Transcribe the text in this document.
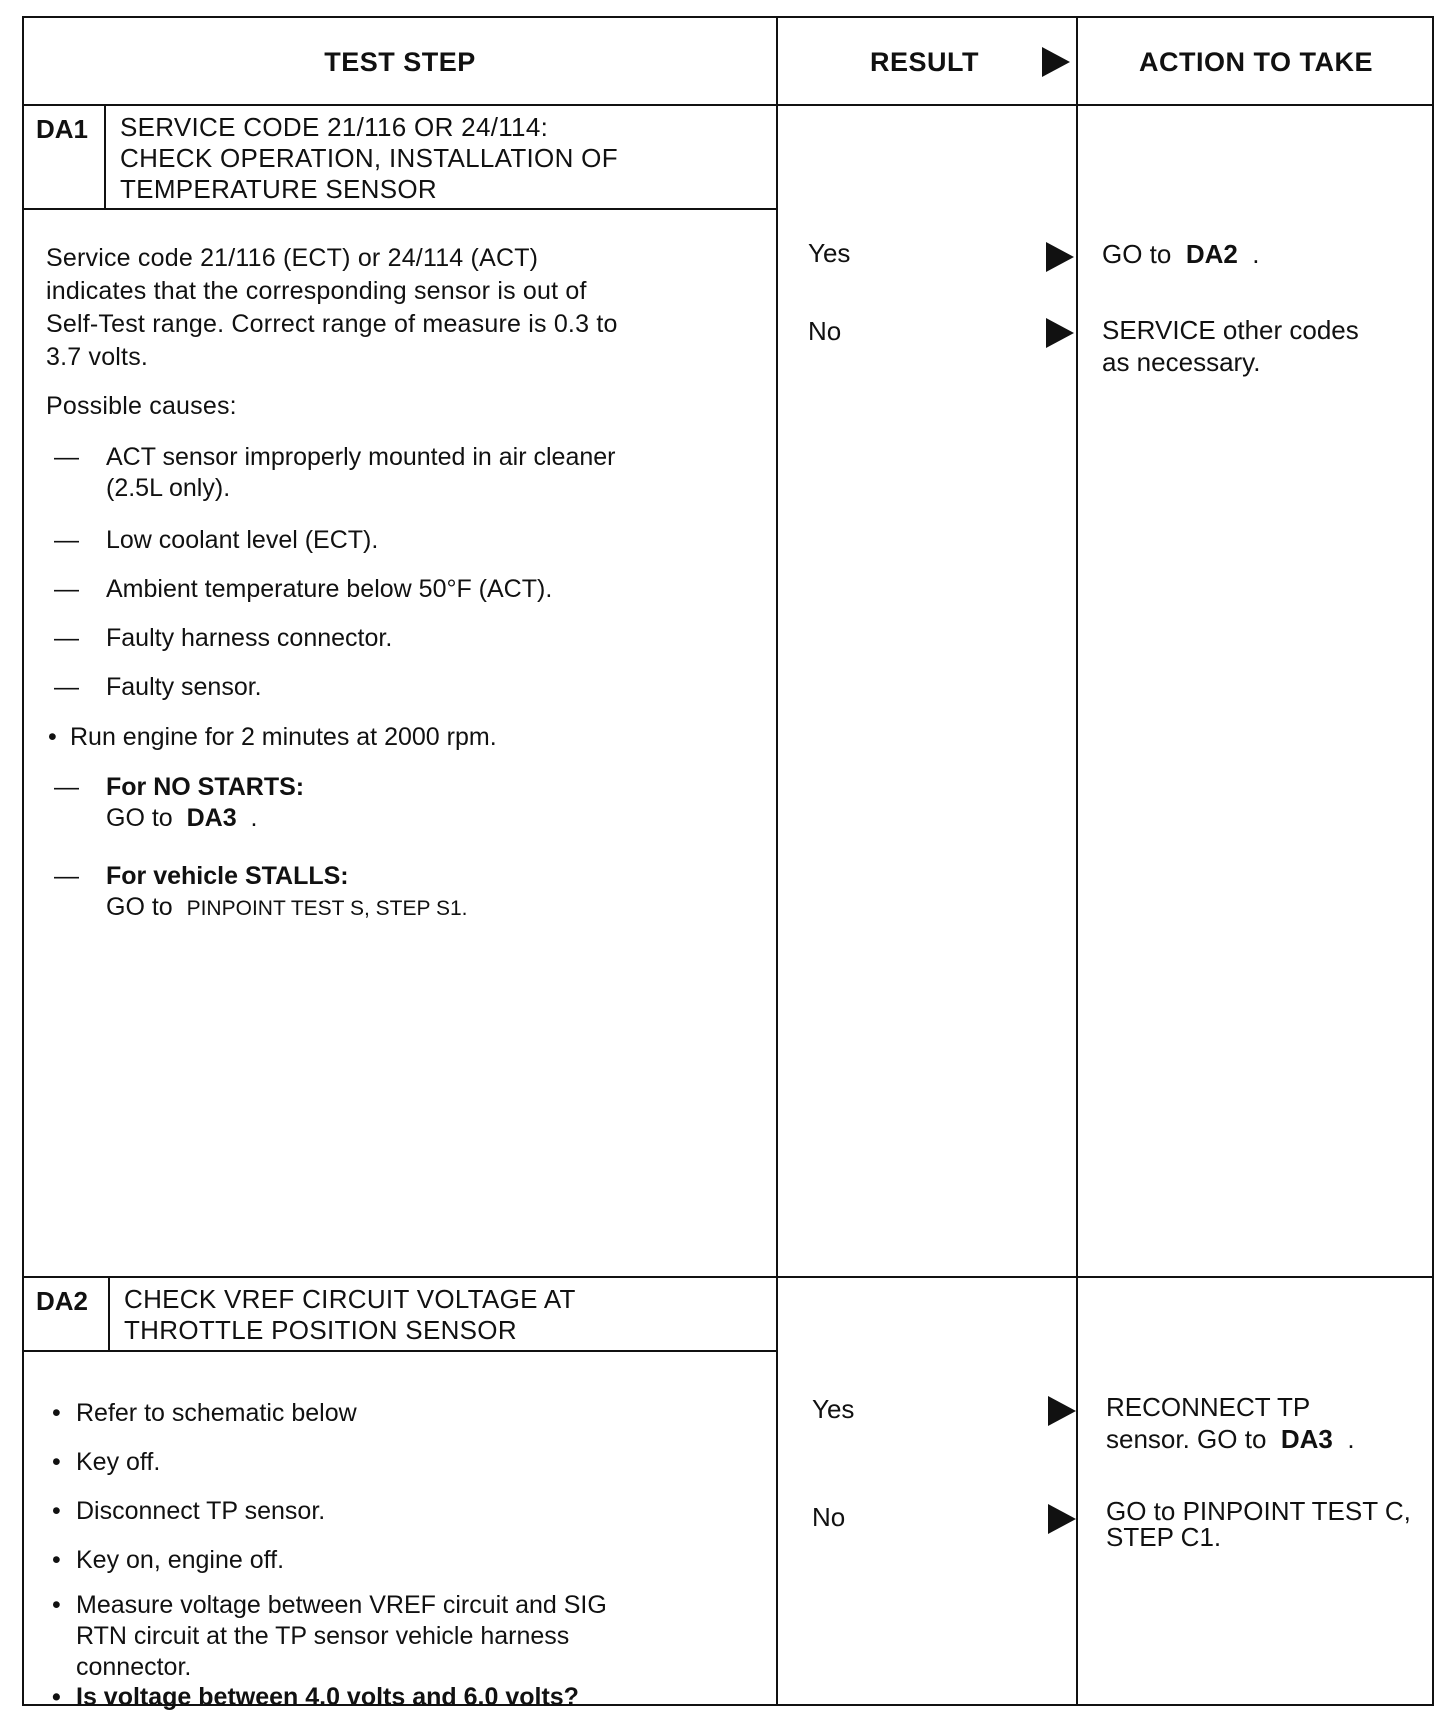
TEST STEP	RESULT	ACTION TO TAKE
DA1	SERVICE CODE 21/116 OR 24/114:
CHECK OPERATION, INSTALLATION OF
TEMPERATURE SENSOR
Service code 21/116 (ECT) or 24/114 (ACT)
indicates that the corresponding sensor is out of
Self-Test range. Correct range of measure is 0.3 to
3.7 volts.
Possible causes:
— ACT sensor improperly mounted in air cleaner
(2.5L only).
— Low coolant level (ECT).
— Ambient temperature below 50°F (ACT).
— Faulty harness connector.
— Faulty sensor.
• Run engine for 2 minutes at 2000 rpm.
— For NO STARTS:
GO to DA3 .
— For vehicle STALLS:
GO to PINPOINT TEST S, STEP S1.
Yes	GO to DA2 .
No	SERVICE other codes
as necessary.
DA2	CHECK VREF CIRCUIT VOLTAGE AT
THROTTLE POSITION SENSOR
• Refer to schematic below
• Key off.
• Disconnect TP sensor.
• Key on, engine off.
• Measure voltage between VREF circuit and SIG
RTN circuit at the TP sensor vehicle harness
connector.
• Is voltage between 4.0 volts and 6.0 volts?
Yes	RECONNECT TP
sensor. GO to DA3 .
No	GO to PINPOINT TEST C,
STEP C1.
